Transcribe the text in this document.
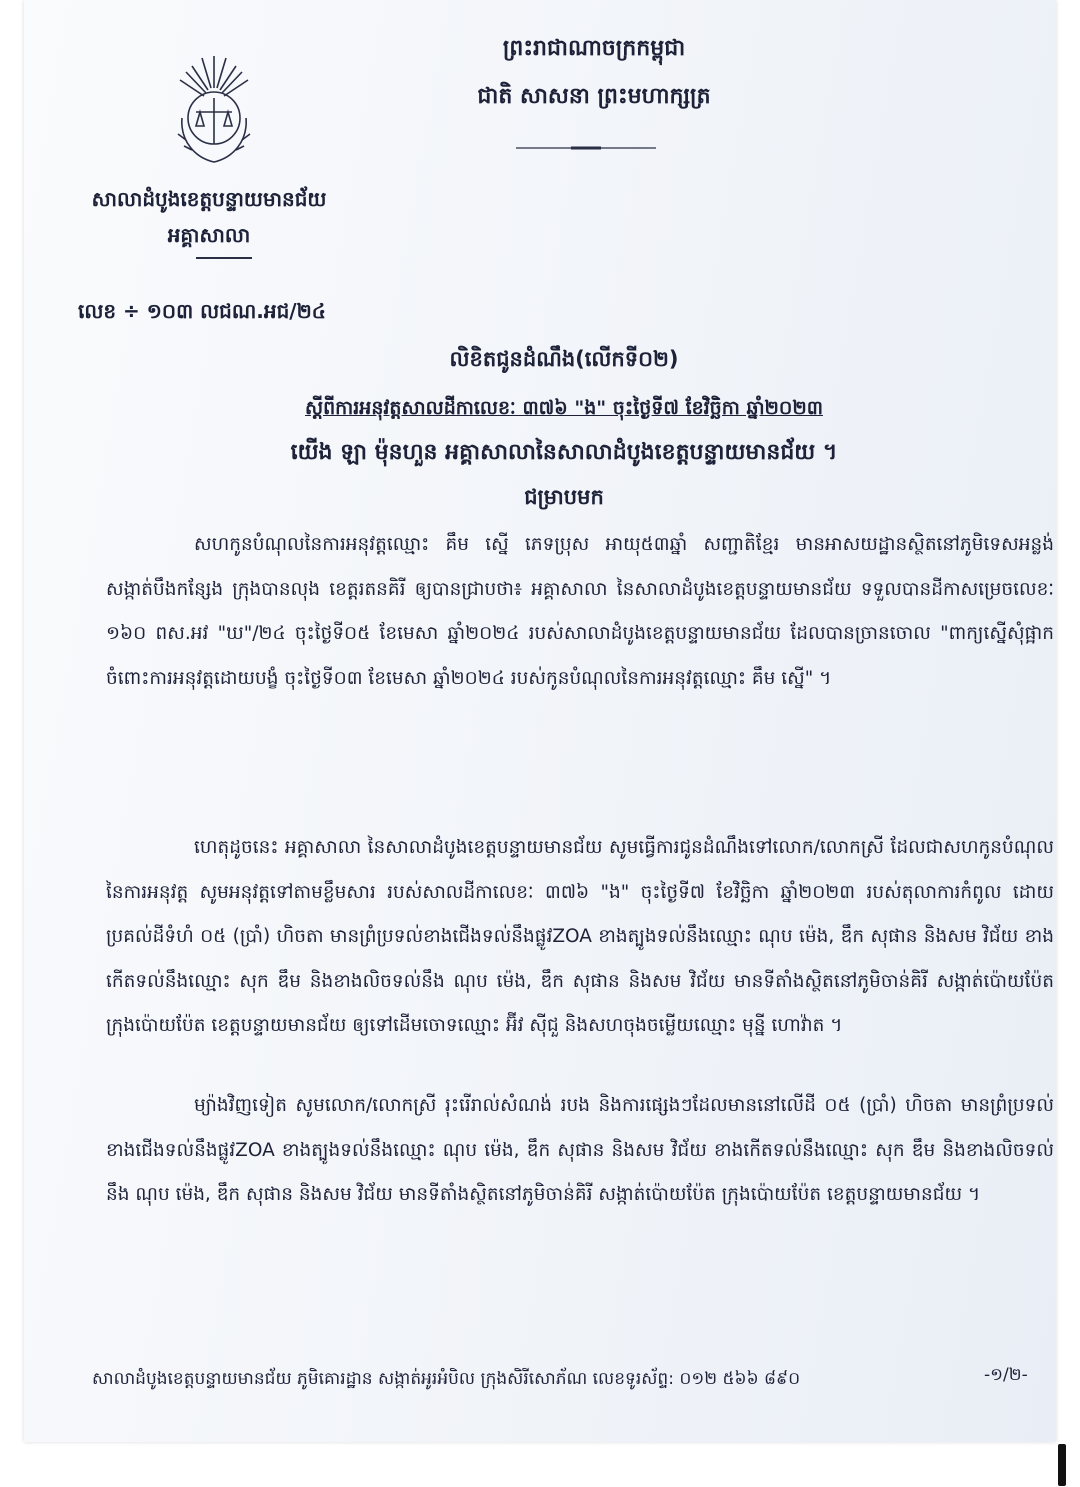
សាលាដំបូងខេត្តបន្ទាយមានជ័យ
អគ្គាសាលា
លេខ ÷ ១០៣ លជណ.អជ/២៤
ព្រះរាជាណាចក្រកម្ពុជា
ជាតិ សាសនា ព្រះមហាក្សត្រ
លិខិតជូនដំណឹង(លើកទី០២)
ស្តីពីការអនុវត្តសាលដីកាលេខៈ ៣៧៦ "ង" ចុះថ្ងៃទី៧ ខែវិច្ឆិកា ឆ្នាំ២០២៣
យើង ឡា ម៉ុនហួន អគ្គាសាលានៃសាលាដំបូងខេត្តបន្ទាយមានជ័យ ។
ជម្រាបមក
សហកូនបំណុលនៃការអនុវត្តឈ្មោះ គឹម ស្នើ ភេទប្រុស អាយុ៥៣ឆ្នាំ សញ្ជាតិខ្មែរ មានអាសយដ្ឋានស្ថិតនៅភូមិទេសអន្លង់ សង្កាត់បឹងកន្សែង ក្រុងបានលុង ខេត្តរតនគិរី ឲ្យបានជ្រាបថា៖ អគ្គាសាលា នៃសាលាដំបូងខេត្តបន្ទាយមានជ័យ ទទួលបានដីកាសម្រេចលេខៈ ១៦០ ពស.អវ "ឃ"/២៤ ចុះថ្ងៃទី០៥ ខែមេសា ឆ្នាំ២០២៤ របស់សាលាដំបូងខេត្តបន្ទាយមានជ័យ ដែលបានច្រានចោល "ពាក្យស្នើសុំផ្អាកចំពោះការអនុវត្តដោយបង្ខំ ចុះថ្ងៃទី០៣ ខែមេសា ឆ្នាំ២០២៤ របស់កូនបំណុលនៃការអនុវត្តឈ្មោះ គឹម ស្នើ" ។
ហេតុដូចនេះ អគ្គាសាលា នៃសាលាដំបូងខេត្តបន្ទាយមានជ័យ សូមធ្វើការជូនដំណឹងទៅលោក/លោកស្រី ដែលជាសហកូនបំណុលនៃការអនុវត្ត សូមអនុវត្តទៅតាមខ្លឹមសារ របស់សាលដីកាលេខៈ ៣៧៦ "ង" ចុះថ្ងៃទី៧ ខែវិច្ឆិកា ឆ្នាំ២០២៣ របស់តុលាការកំពូល ដោយប្រគល់ដីទំហំ ០៥ (ប្រាំ) ហិចតា មានព្រំប្រទល់ខាងជើងទល់នឹងផ្លូវZOA ខាងត្បូងទល់នឹងឈ្មោះ ណុប ម៉េង, ឌឹក សុផាន និងសម វិជ័យ ខាងកើតទល់នឹងឈ្មោះ សុក ឌឹម និងខាងលិចទល់នឹង ណុប ម៉េង, ឌឹក សុផាន និងសម វិជ័យ មានទីតាំងស្ថិតនៅភូមិចាន់គិរី សង្កាត់ប៉ោយប៉ែត ក្រុងប៉ោយប៉ែត ខេត្តបន្ទាយមានជ័យ ឲ្យទៅដើមចោទឈ្មោះ អ៊ីវ ស៊ីជួ និងសហចុងចម្លើយឈ្មោះ មុន្នី ហោវ៉ាត ។
ម្យ៉ាងវិញទៀត សូមលោក/លោកស្រី រុះរើរាល់សំណង់ របង និងការផ្សេងៗដែលមាននៅលើដី ០៥ (ប្រាំ) ហិចតា មានព្រំប្រទល់ខាងជើងទល់នឹងផ្លូវZOA ខាងត្បូងទល់នឹងឈ្មោះ ណុប ម៉េង, ឌឹក សុផាន និងសម វិជ័យ ខាងកើតទល់នឹងឈ្មោះ សុក ឌឹម និងខាងលិចទល់នឹង ណុប ម៉េង, ឌឹក សុផាន និងសម វិជ័យ មានទីតាំងស្ថិតនៅភូមិចាន់គិរី សង្កាត់ប៉ោយប៉ែត ក្រុងប៉ោយប៉ែត ខេត្តបន្ទាយមានជ័យ ។
សាលាដំបូងខេត្តបន្ទាយមានជ័យ ភូមិគោរដ្ឋាន សង្កាត់អូរអំបិល ក្រុងសិរីសោភ័ណ លេខទូរស័ព្ទ: ០១២ ៥៦៦ ៨៩០	-១/២-
